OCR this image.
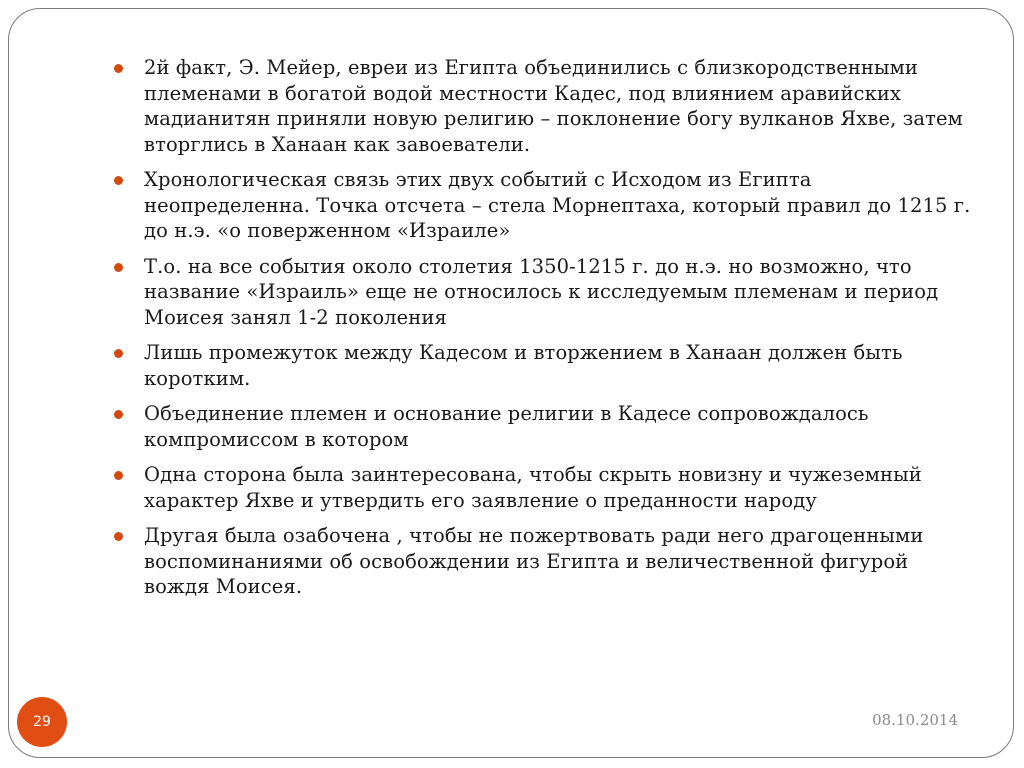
2й факт, Э. Мейер, евреи из Египта объединились с близкородственными племенами в богатой водой местности Кадес, под влиянием аравийских мадианитян приняли новую религию – поклонение богу вулканов Яхве, затем вторглись в Ханаан как завоеватели.
Хронологическая связь этих двух событий с Исходом из Египта неопределенна. Точка отсчета – стела Морнептаха, который правил до 1215 г. до н.э. «о поверженном «Израиле»
Т.о. на все события около столетия 1350-1215 г. до н.э. но возможно, что название «Израиль» еще не относилось к исследуемым племенам и период Моисея занял 1-2 поколения
Лишь промежуток между Кадесом и вторжением в Ханаан должен быть коротким.
Объединение племен и основание религии в Кадесе сопровождалось компромиссом в котором
Одна сторона была заинтересована, чтобы скрыть новизну и чужеземный характер Яхве и утвердить его заявление о преданности народу
Другая была озабочена , чтобы не пожертвовать ради него драгоценными воспоминаниями об освобождении из Египта и величественной фигурой вождя Моисея.
29	08.10.2014
